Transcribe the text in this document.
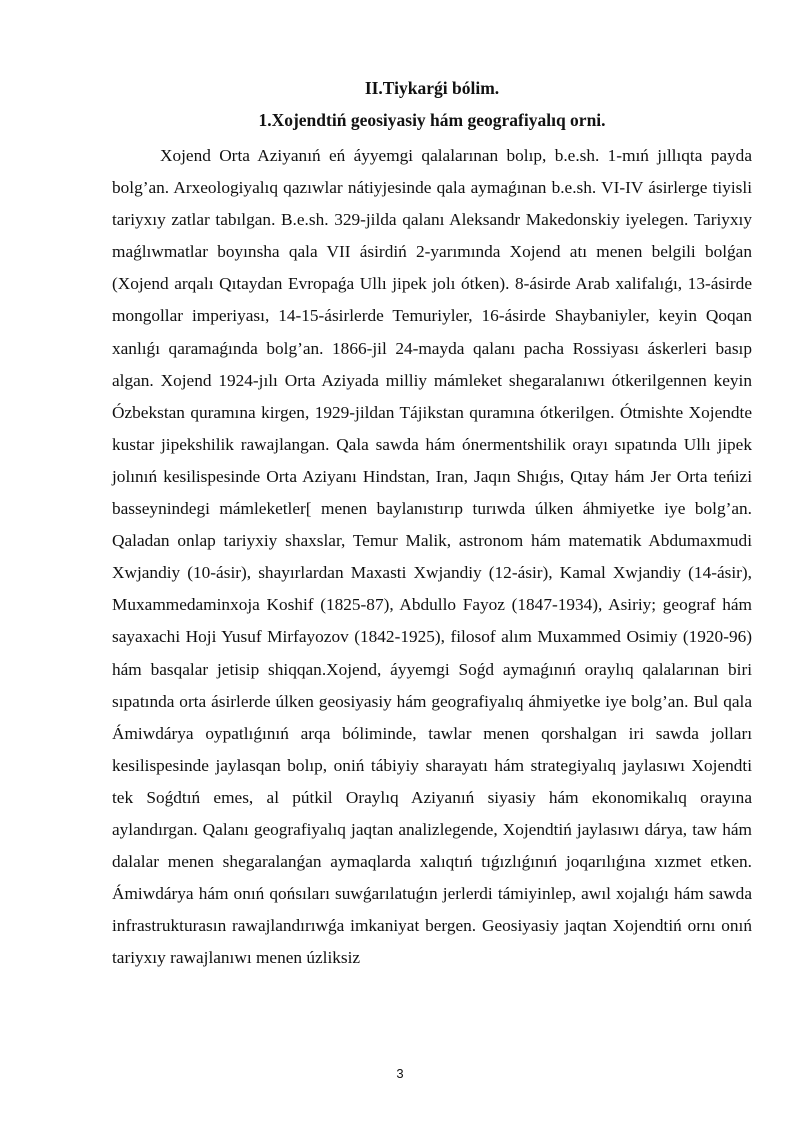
II.Tiykarǵi bólim.
1.Xojendtiń geosiyasiy hám geografiyalıq orni.

Xojend Orta Aziyanıń eń áyyemgi qalalarınan bolıp, b.e.sh. 1-mıń jıllıqta payda bolg’an. Arxeologiyalıq qazıwlar nátiyjesinde qala aymaǵınan b.e.sh. VI-IV ásirlerge tiyisli tariyxıy zatlar tabılgan. B.e.sh. 329-jilda qalanı Aleksandr Makedonskiy iyelegen. Tariyxıy maǵlıwmatlar boyınsha qala VII ásirdiń 2-yarımında Xojend atı menen belgili bolǵan (Xojend arqalı Qıtaydan Evropaǵa Ullı jipek jolı ótken). 8-ásirde Arab xalifalıǵı, 13-ásirde mongollar imperiyası, 14-15-ásirlerde Temuriyler, 16-ásirde Shaybaniyler, keyin Qoqan xanlıǵı qaramaǵında bolg’an. 1866-jil 24-mayda qalanı pacha Rossiyası áskerleri basıp algan. Xojend 1924-jılı Orta Aziyada milliy mámleket shegaralanıwı ótkerilgennen keyin Ózbekstan quramına kirgen, 1929-jildan Tájikstan quramına ótkerilgen. Ótmishte Xojendte kustar jipekshilik rawajlangan. Qala sawda hám ónermentshilik orayı sıpatında Ullı jipek jolınıń kesilispesinde Orta Aziyanı Hindstan, Iran, Jaqın Shıǵıs, Qıtay hám Jer Orta teńizi basseynindegi mámleketler[ menen baylanıstırıp turıwda úlken áhmiyetke iye bolg’an. Qaladan onlap tariyxiy shaxslar, Temur Malik, astronom hám matematik Abdumaxmudi Xwjandiy (10-ásir), shayırlardan Maxasti Xwjandiy (12-ásir), Kamal Xwjandiy (14-ásir), Muxammedaminxoja Koshif (1825-87), Abdullo Fayoz (1847-1934), Asiriy; geograf hám sayaxachi Hoji Yusuf Mirfayozov (1842-1925), filosof alım Muxammed Osimiy (1920-96) hám basqalar jetisip shiqqan.Xojend, áyyemgi Soǵd aymaǵınıń oraylıq qalalarınan biri sıpatında orta ásirlerde úlken geosiyasiy hám geografiyalıq áhmiyetke iye bolg’an. Bul qala Ámiwdárya oypatlıǵınıń arqa bóliminde, tawlar menen qorshalgan iri sawda jolları kesilispesinde jaylasqan bolıp, oniń tábiyiy sharayatı hám strategiyalıq jaylasıwı Xojendti tek Soǵdtıń emes, al pútkil Oraylıq Aziyanıń siyasiy hám ekonomikalıq orayına aylandırgan. Qalanı geografiyalıq jaqtan analizlegende, Xojendtiń jaylasıwı dárya, taw hám dalalar menen shegaralanǵan aymaqlarda xalıqtıń tıǵızlıǵınıń joqarılıǵına xızmet etken. Ámiwdárya hám onıń qońsıları suwǵarılatuǵın jerlerdi támiyinlep, awıl xojalıǵı hám sawda infrastrukturasın rawajlandırıwǵa imkaniyat bergen. Geosiyasiy jaqtan Xojendtiń ornı onıń tariyxıy rawajlanıwı menen úzliksiz

3
